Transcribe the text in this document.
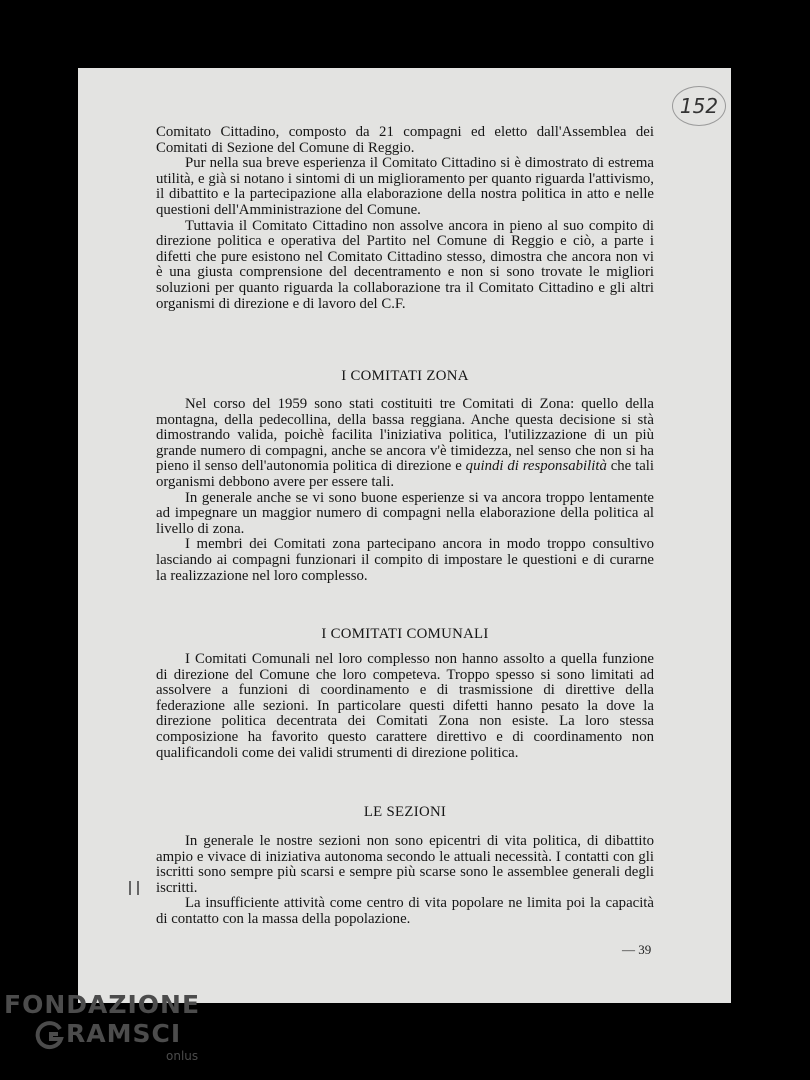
152

Comitato Cittadino, composto da 21 compagni ed eletto dall'Assemblea dei Comitati di Sezione del Comune di Reggio.

Pur nella sua breve esperienza il Comitato Cittadino si è dimostrato di estrema utilità, e già si notano i sintomi di un miglioramento per quanto riguarda l'attivismo, il dibattito e la partecipazione alla elaborazione della nostra politica in atto e nelle questioni dell'Amministrazione del Comune.

Tuttavia il Comitato Cittadino non assolve ancora in pieno al suo compito di direzione politica e operativa del Partito nel Comune di Reggio e ciò, a parte i difetti che pure esistono nel Comitato Cittadino stesso, dimostra che ancora non vi è una giusta comprensione del decentramento e non si sono trovate le migliori soluzioni per quanto riguarda la collaborazione tra il Comitato Cittadino e gli altri organismi di direzione e di lavoro del C.F.

I COMITATI ZONA

Nel corso del 1959 sono stati costituiti tre Comitati di Zona: quello della montagna, della pedecollina, della bassa reggiana. Anche questa decisione si stà dimostrando valida, poichè facilita l'iniziativa politica, l'utilizzazione di un più grande numero di compagni, anche se ancora v'è timidezza, nel senso che non si ha pieno il senso dell'autonomia politica di direzione e quindi di responsabilità che tali organismi debbono avere per essere tali.

In generale anche se vi sono buone esperienze si va ancora troppo lentamente ad impegnare un maggior numero di compagni nella elaborazione della politica al livello di zona.

I membri dei Comitati zona partecipano ancora in modo troppo consultivo lasciando ai compagni funzionari il compito di impostare le questioni e di curarne la realizzazione nel loro complesso.

I COMITATI COMUNALI

I Comitati Comunali nel loro complesso non hanno assolto a quella funzione di direzione del Comune che loro competeva. Troppo spesso si sono limitati ad assolvere a funzioni di coordinamento e di trasmissione di direttive della federazione alle sezioni. In particolare questi difetti hanno pesato la dove la direzione politica decentrata dei Comitati Zona non esiste. La loro stessa composizione ha favorito questo carattere direttivo e di coordinamento non qualificandoli come dei validi strumenti di direzione politica.

LE SEZIONI

In generale le nostre sezioni non sono epicentri di vita politica, di dibattito ampio e vivace di iniziativa autonoma secondo le attuali necessità. I contatti con gli iscritti sono sempre più scarsi e sempre più scarse sono le assemblee generali degli iscritti.

La insufficiente attività come centro di vita popolare ne limita poi la capacità di contatto con la massa della popolazione.

— 39
FONDAZIONE
RAMSCI
onlus
